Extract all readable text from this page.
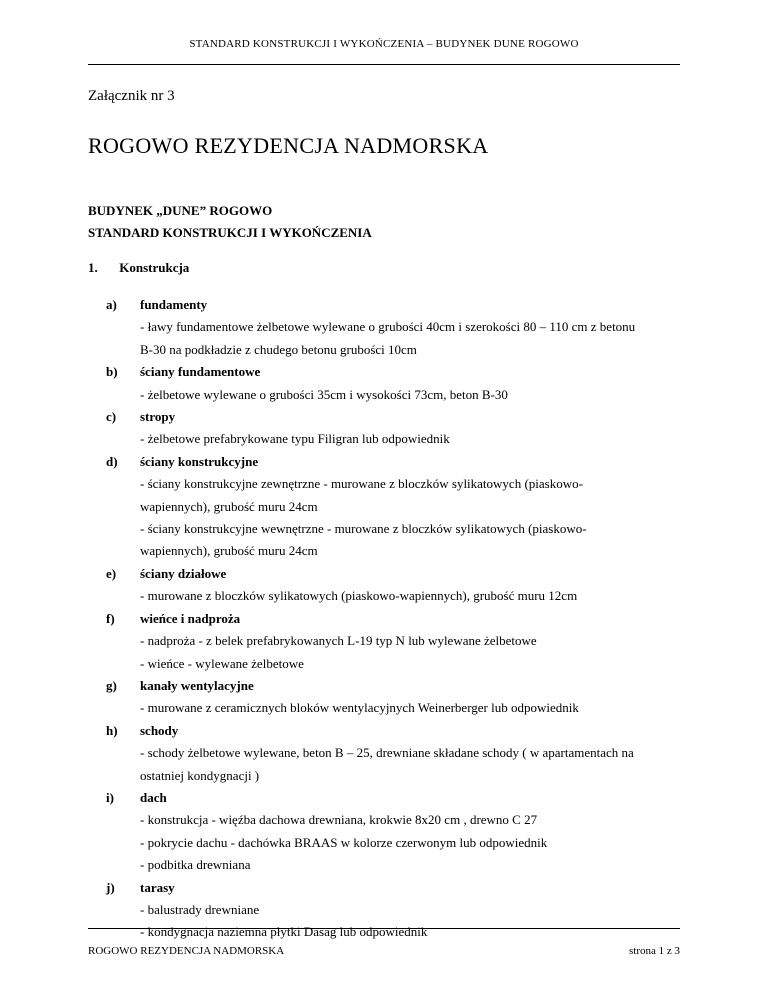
STANDARD KONSTRUKCJI I WYKOŃCZENIA – BUDYNEK DUNE ROGOWO
Załącznik nr 3
ROGOWO REZYDENCJA NADMORSKA
BUDYNEK „DUNE” ROGOWO
STANDARD KONSTRUKCJI I WYKOŃCZENIA
1. Konstrukcja
a) fundamenty
- ławy fundamentowe żelbetowe wylewane o grubości 40cm i szerokości 80 – 110 cm z betonu
B-30 na podkładzie z chudego betonu grubości 10cm
b) ściany fundamentowe
- żelbetowe wylewane o grubości 35cm i wysokości 73cm, beton B-30
c) stropy
- żelbetowe prefabrykowane typu Filigran lub odpowiednik
d) ściany konstrukcyjne
- ściany konstrukcyjne zewnętrzne - murowane z bloczków sylikatowych (piaskowo-
wapiennych), grubość muru 24cm
- ściany konstrukcyjne wewnętrzne - murowane z bloczków sylikatowych (piaskowo-
wapiennych), grubość muru 24cm
e) ściany działowe
- murowane z bloczków sylikatowych (piaskowo-wapiennych), grubość muru 12cm
f) wieńce i nadproża
- nadproża - z belek prefabrykowanych L-19 typ N lub wylewane żelbetowe
- wieńce - wylewane żelbetowe
g) kanały wentylacyjne
- murowane z ceramicznych bloków wentylacyjnych Weinerberger lub odpowiednik
h) schody
- schody żelbetowe wylewane, beton B – 25, drewniane składane schody ( w apartamentach na
ostatniej kondygnacji )
i) dach
- konstrukcja - więźba dachowa drewniana, krokwie 8x20 cm , drewno C 27
- pokrycie dachu - dachówka BRAAS w kolorze czerwonym lub odpowiednik
- podbitka drewniana
j) tarasy
- balustrady drewniane
- kondygnacja naziemna płytki Dasag lub odpowiednik
ROGOWO REZYDENCJA NADMORSKA	strona 1 z 3
